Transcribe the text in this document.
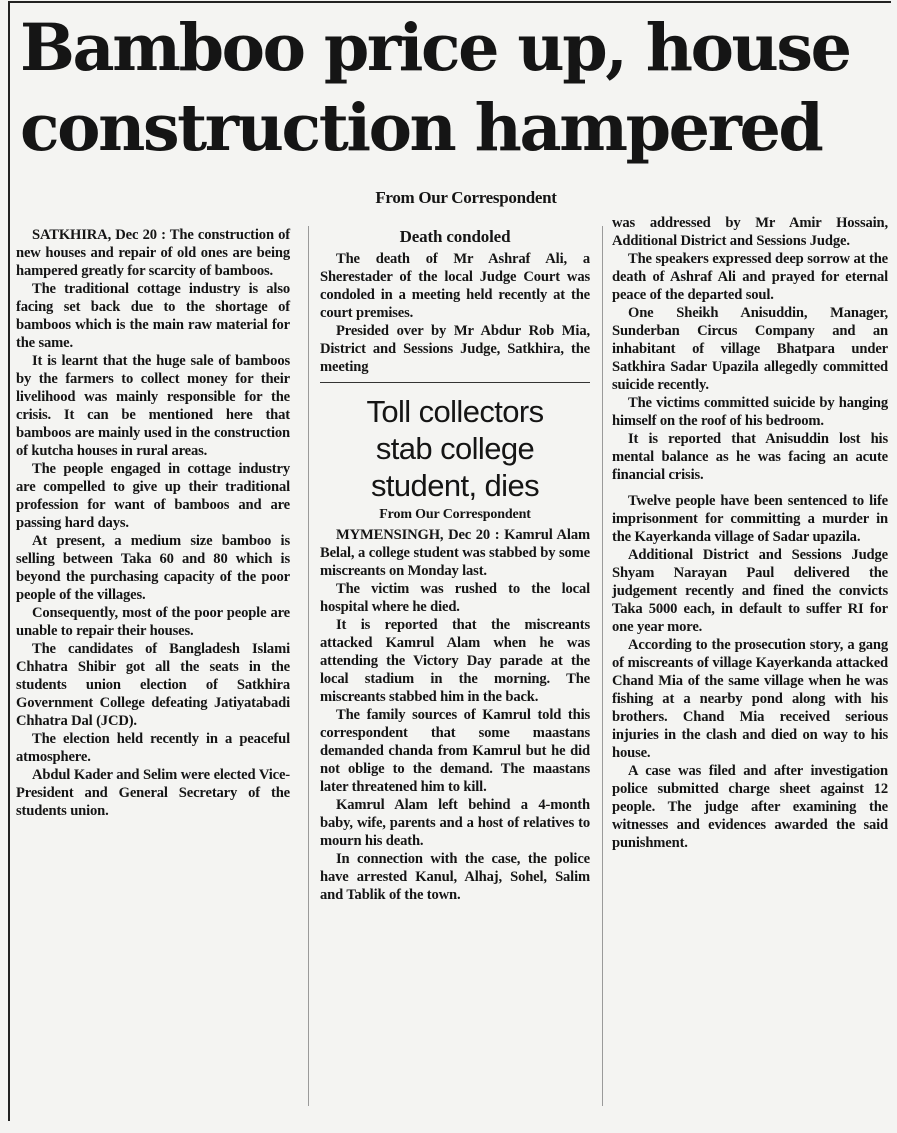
Bamboo price up, house
construction hampered
From Our Correspondent

SATKHIRA, Dec 20 : The construction of new houses and repair of old ones are being hampered greatly for scarcity of bamboos.

The traditional cottage industry is also facing set back due to the shortage of bamboos which is the main raw material for the same.

It is learnt that the huge sale of bamboos by the farmers to collect money for their livelihood was mainly responsible for the crisis. It can be mentioned here that bamboos are mainly used in the construction of kutcha houses in rural areas.

The people engaged in cottage industry are compelled to give up their traditional profession for want of bamboos and are passing hard days.

At present, a medium size bamboo is selling between Taka 60 and 80 which is beyond the purchasing capacity of the poor people of the villages.

Consequently, most of the poor people are unable to repair their houses.

The candidates of Bangladesh Islami Chhatra Shibir got all the seats in the students union election of Satkhira Government College defeating Jatiyatabadi Chhatra Dal (JCD).

The election held recently in a peaceful atmosphere.

Abdul Kader and Selim were elected Vice-President and General Secretary of the students union.

Death condoled

The death of Mr Ashraf Ali, a Sherestader of the local Judge Court was condoled in a meeting held recently at the court premises.

Presided over by Mr Abdur Rob Mia, District and Sessions Judge, Satkhira, the meeting

Toll collectors
stab college
student, dies
From Our Correspondent

MYMENSINGH, Dec 20 : Kamrul Alam Belal, a college student was stabbed by some miscreants on Monday last.

The victim was rushed to the local hospital where he died.

It is reported that the miscreants attacked Kamrul Alam when he was attending the Victory Day parade at the local stadium in the morning. The miscreants stabbed him in the back.

The family sources of Kamrul told this correspondent that some maastans demanded chanda from Kamrul but he did not oblige to the demand. The maastans later threatened him to kill.

Kamrul Alam left behind a 4-month baby, wife, parents and a host of relatives to mourn his death.

In connection with the case, the police have arrested Kanul, Alhaj, Sohel, Salim and Tablik of the town.

was addressed by Mr Amir Hossain, Additional District and Sessions Judge.

The speakers expressed deep sorrow at the death of Ashraf Ali and prayed for eternal peace of the departed soul.

One Sheikh Anisuddin, Manager, Sunderban Circus Company and an inhabitant of village Bhatpara under Satkhira Sadar Upazila allegedly committed suicide recently.

The victims committed suicide by hanging himself on the roof of his bedroom.

It is reported that Anisuddin lost his mental balance as he was facing an acute financial crisis.

Twelve people have been sentenced to life imprisonment for committing a murder in the Kayerkanda village of Sadar upazila.

Additional District and Sessions Judge Shyam Narayan Paul delivered the judgement recently and fined the convicts Taka 5000 each, in default to suffer RI for one year more.

According to the prosecution story, a gang of miscreants of village Kayerkanda attacked Chand Mia of the same village when he was fishing at a nearby pond along with his brothers. Chand Mia received serious injuries in the clash and died on way to his house.

A case was filed and after investigation police submitted charge sheet against 12 people. The judge after examining the witnesses and evidences awarded the said punishment.
